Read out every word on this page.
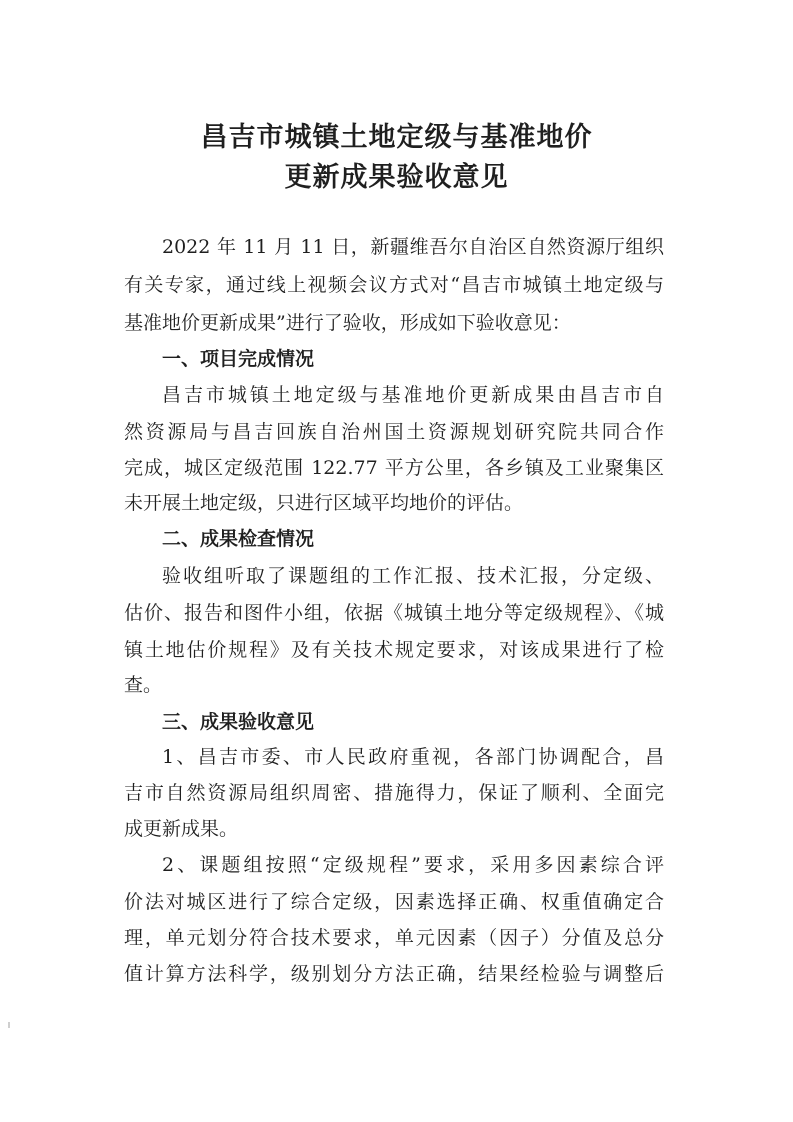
昌吉市城镇土地定级与基准地价
更新成果验收意见

2022 年 11 月 11 日，新疆维吾尔自治区自然资源厅组织

有关专家，通过线上视频会议方式对“昌吉市城镇土地定级与

基准地价更新成果”进行了验收，形成如下验收意见：

一、项目完成情况

昌吉市城镇土地定级与基准地价更新成果由昌吉市自

然资源局与昌吉回族自治州国土资源规划研究院共同合作

完成，城区定级范围 122.77 平方公里，各乡镇及工业聚集区

未开展土地定级，只进行区域平均地价的评估。

二、成果检查情况

验收组听取了课题组的工作汇报、技术汇报，分定级、

估价、报告和图件小组，依据《城镇土地分等定级规程》、《城

镇土地估价规程》及有关技术规定要求，对该成果进行了检

查。

三、成果验收意见

1、昌吉市委、市人民政府重视，各部门协调配合，昌

吉市自然资源局组织周密、措施得力，保证了顺利、全面完

成更新成果。

2、课题组按照“定级规程”要求，采用多因素综合评

价法对城区进行了综合定级，因素选择正确、权重值确定合

理，单元划分符合技术要求，单元因素（因子）分值及总分

值计算方法科学，级别划分方法正确，结果经检验与调整后
